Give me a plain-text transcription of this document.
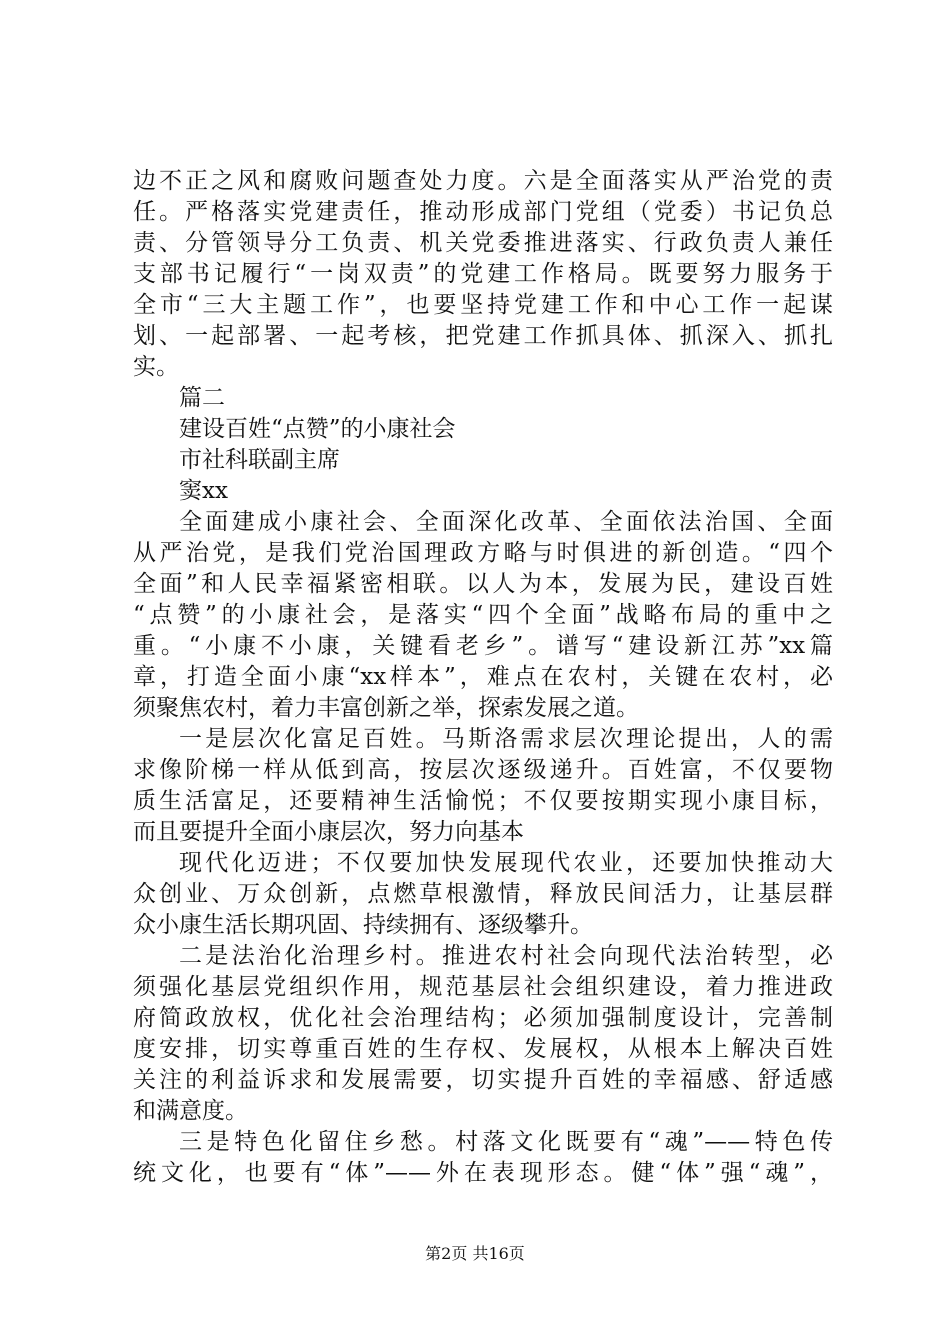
边不正之风和腐败问题查处力度。六是全面落实从严治党的责
任。严格落实党建责任，推动形成部门党组（党委）书记负总
责、分管领导分工负责、机关党委推进落实、行政负责人兼任
支部书记履行“一岗双责”的党建工作格局。既要努力服务于
全市“三大主题工作”，也要坚持党建工作和中心工作一起谋
划、一起部署、一起考核，把党建工作抓具体、抓深入、抓扎
实。
篇二
建设百姓“点赞”的小康社会
市社科联副主席
窦xx
全面建成小康社会、全面深化改革、全面依法治国、全面
从严治党，是我们党治国理政方略与时俱进的新创造。“四个
全面”和人民幸福紧密相联。以人为本，发展为民，建设百姓
“点赞”的小康社会，是落实“四个全面”战略布局的重中之
重。“小康不小康，关键看老乡”。谱写“建设新江苏”xx篇
章，打造全面小康“xx样本”，难点在农村，关键在农村，必
须聚焦农村，着力丰富创新之举，探索发展之道。
一是层次化富足百姓。马斯洛需求层次理论提出，人的需
求像阶梯一样从低到高，按层次逐级递升。百姓富，不仅要物
质生活富足，还要精神生活愉悦；不仅要按期实现小康目标，
而且要提升全面小康层次，努力向基本
现代化迈进；不仅要加快发展现代农业，还要加快推动大
众创业、万众创新，点燃草根激情，释放民间活力，让基层群
众小康生活长期巩固、持续拥有、逐级攀升。
二是法治化治理乡村。推进农村社会向现代法治转型，必
须强化基层党组织作用，规范基层社会组织建设，着力推进政
府简政放权，优化社会治理结构；必须加强制度设计，完善制
度安排，切实尊重百姓的生存权、发展权，从根本上解决百姓
关注的利益诉求和发展需要，切实提升百姓的幸福感、舒适感
和满意度。
三是特色化留住乡愁。村落文化既要有“魂”——特色传
统文化，也要有“体”——外在表现形态。健“体”强“魂”，
第2页 共16页
